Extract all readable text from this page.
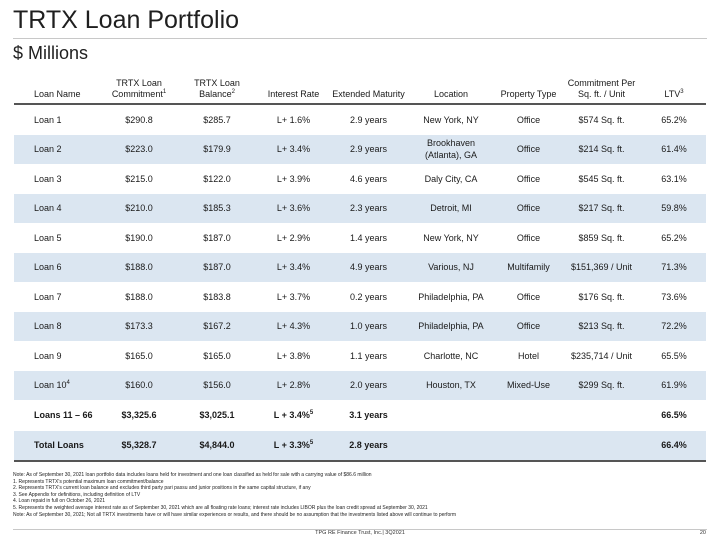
TRTX Loan Portfolio
$ Millions
Loan Name	TRTX Loan Commitment$^1$	TRTX Loan Balance$^2$	Interest Rate	Extended Maturity	Location	Property Type	Commitment Per Sq. ft. / Unit	LTV$^3$
Loan 1	$290.8	$285.7	L+ 1.6%	2.9 years	New York, NY	Office	$574 Sq. ft.	65.2%
Loan 2	$223.0	$179.9	L+ 3.4%	2.9 years	Brookhaven (Atlanta), GA	Office	$214 Sq. ft.	61.4%
Loan 3	$215.0	$122.0	L+ 3.9%	4.6 years	Daly City, CA	Office	$545 Sq. ft.	63.1%
Loan 4	$210.0	$185.3	L+ 3.6%	2.3 years	Detroit, MI	Office	$217 Sq. ft.	59.8%
Loan 5	$190.0	$187.0	L+ 2.9%	1.4 years	New York, NY	Office	$859 Sq. ft.	65.2%
Loan 6	$188.0	$187.0	L+ 3.4%	4.9 years	Various, NJ	Multifamily	$151,369 / Unit	71.3%
Loan 7	$188.0	$183.8	L+ 3.7%	0.2 years	Philadelphia, PA	Office	$176 Sq. ft.	73.6%
Loan 8	$173.3	$167.2	L+ 4.3%	1.0 years	Philadelphia, PA	Office	$213 Sq. ft.	72.2%
Loan 9	$165.0	$165.0	L+ 3.8%	1.1 years	Charlotte, NC	Hotel	$235,714 / Unit	65.5%
Loan $10^4$	$160.0	$156.0	L+ 2.8%	2.0 years	Houston, TX	Mixed-Use	$299 Sq. ft.	61.9%
Loans 11 – 66	$3,325.6	$3,025.1	L + 3.4%$^5$	3.1 years				66.5%
Total Loans	$5,328.7	$4,844.0	L + 3.3%$^5$	2.8 years				66.4%
Note: As of September 30, 2021 loan portfolio data includes loans held for investment and one loan classified as held for sale with a carrying value of $86.6 million
1. Represents TRTX's potential maximum loan commitment/balance
2. Represents TRTX's current loan balance and excludes third party pari passu and junior positions in the same capital structure, if any
3. See Appendix for definitions, including definition of LTV
4. Loan repaid in full on October 26, 2021
5. Represents the weighted average interest rate as of September 30, 2021 which are all floating rate loans; interest rate includes LIBOR plus the loan credit spread at September 30, 2021
Note: As of September 30, 2021; Not all TRTX investments have or will have similar experiences or results, and there should be no assumption that the investments listed above will continue to perform
TPG RE Finance Trust, Inc.| 3Q2021	20
